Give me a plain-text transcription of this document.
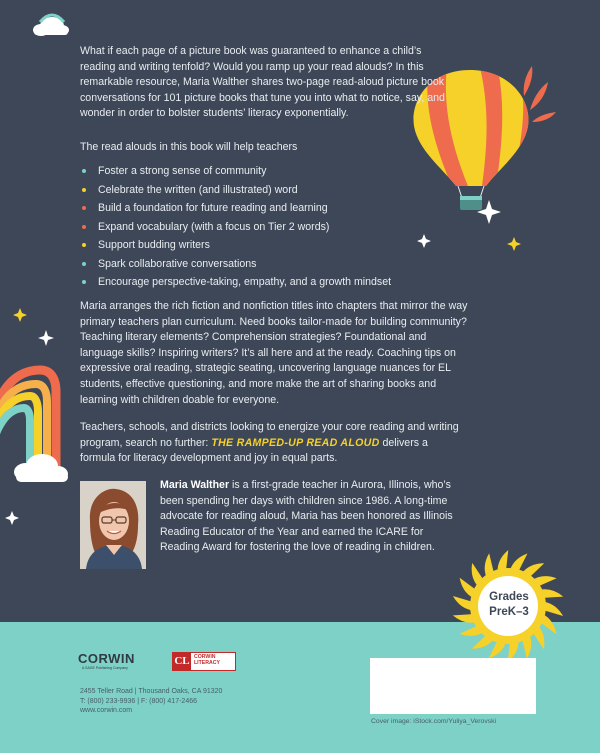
What if each page of a picture book was guaranteed to enhance a child’s reading and writing tenfold? Would you ramp up your read alouds? In this remarkable resource, Maria Walther shares two-page read-aloud picture book conversations for 101 picture books that tune you into what to notice, say, and wonder in order to bolster students’ literacy exponentially.
The read alouds in this book will help teachers
Foster a strong sense of community
Celebrate the written (and illustrated) word
Build a foundation for future reading and learning
Expand vocabulary (with a focus on Tier 2 words)
Support budding writers
Spark collaborative conversations
Encourage perspective-taking, empathy, and a growth mindset
Maria arranges the rich fiction and nonfiction titles into chapters that mirror the way primary teachers plan curriculum. Need books tailor-made for building community? Teaching literary elements? Comprehension strategies? Foundational and language skills? Inspiring writers? It’s all here and at the ready. Coaching tips on expressive oral reading, strategic seating, uncovering language nuances for EL students, effective questioning, and more make the art of sharing books and learning with children doable for everyone.
Teachers, schools, and districts looking to energize your core reading and writing program, search no further: THE RAMPED-UP READ ALOUD delivers a formula for literacy development and joy in equal parts.
Maria Walther is a first-grade teacher in Aurora, Illinois, who’s been spending her days with children since 1986. A long-time advocate for reading aloud, Maria has been honored as Illinois Reading Educator of the Year and earned the ICARE for Reading Award for fostering the love of reading in children.
Grades
PreK–3
CORWIN
A SAGE Publishing Company
CL CORWIN LITERACY
2455 Teller Road | Thousand Oaks, CA 91320
T: (800) 233-9936 | F: (800) 417-2466
www.corwin.com
Cover image: iStock.com/Yuliya_Verovski
